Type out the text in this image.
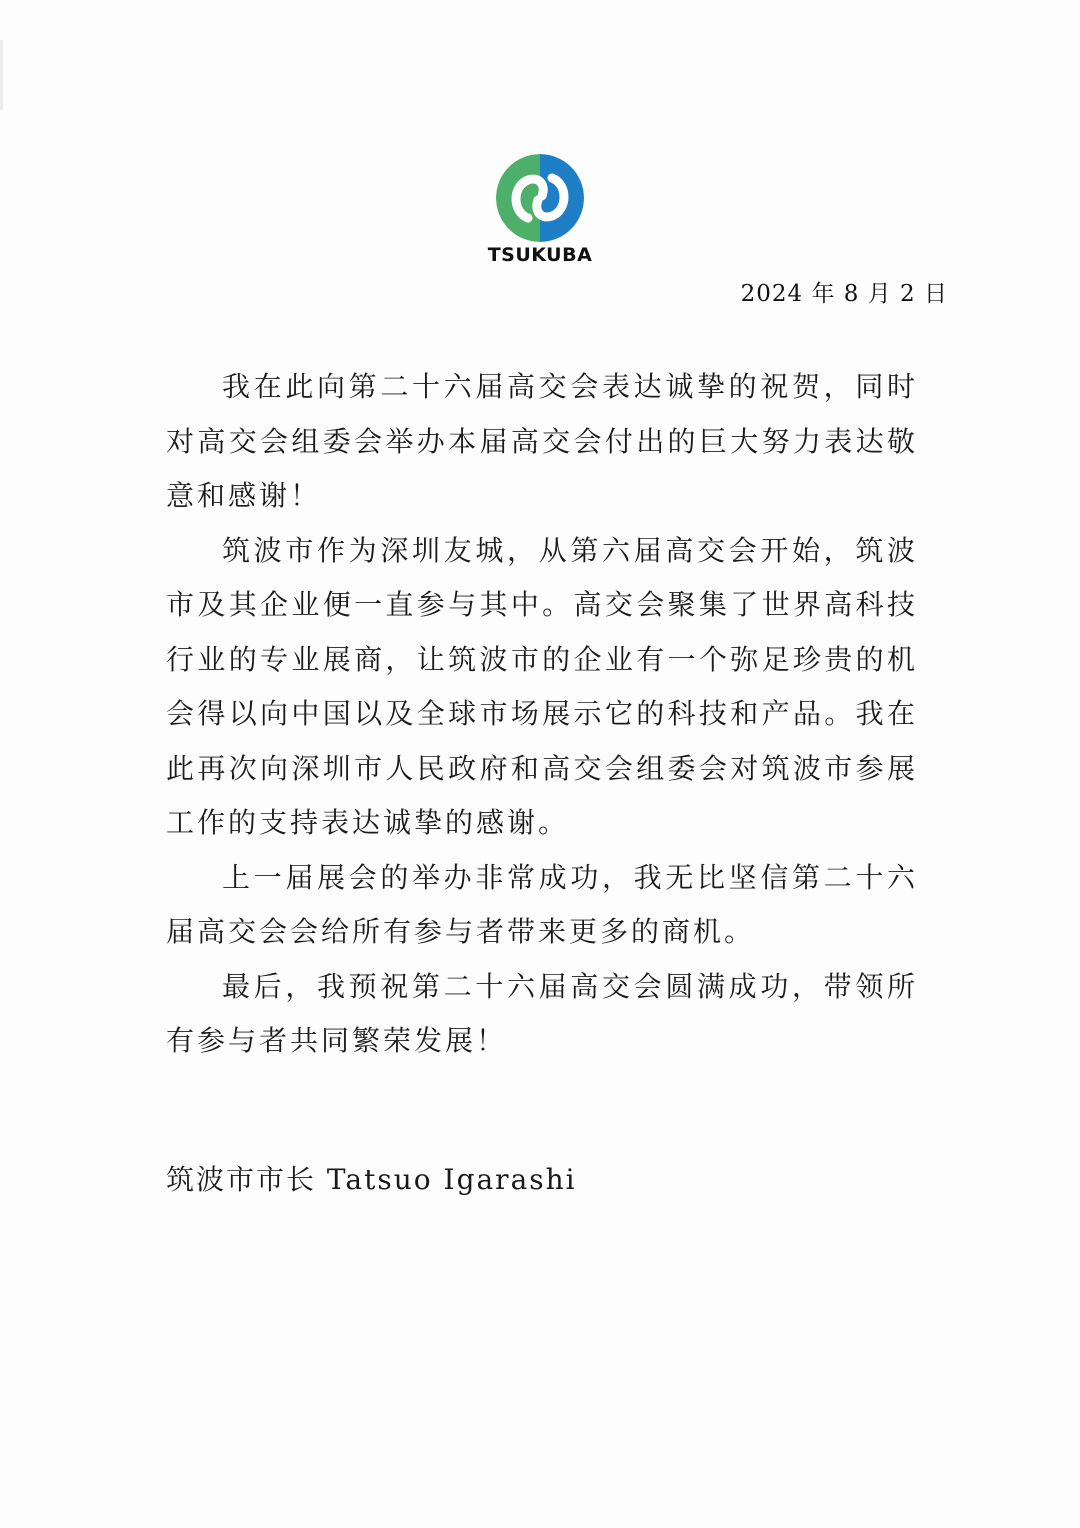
TSUKUBA
2024 年 8 月 2 日

我在此向第二十六届高交会表达诚挚的祝贺，同时对高交会组委会举办本届高交会付出的巨大努力表达敬意和感谢！

筑波市作为深圳友城，从第六届高交会开始，筑波市及其企业便一直参与其中。高交会聚集了世界高科技行业的专业展商，让筑波市的企业有一个弥足珍贵的机会得以向中国以及全球市场展示它的科技和产品。我在此再次向深圳市人民政府和高交会组委会对筑波市参展工作的支持表达诚挚的感谢。

上一届展会的举办非常成功，我无比坚信第二十六届高交会会给所有参与者带来更多的商机。

最后，我预祝第二十六届高交会圆满成功，带领所有参与者共同繁荣发展！

筑波市市长 Tatsuo Igarashi
